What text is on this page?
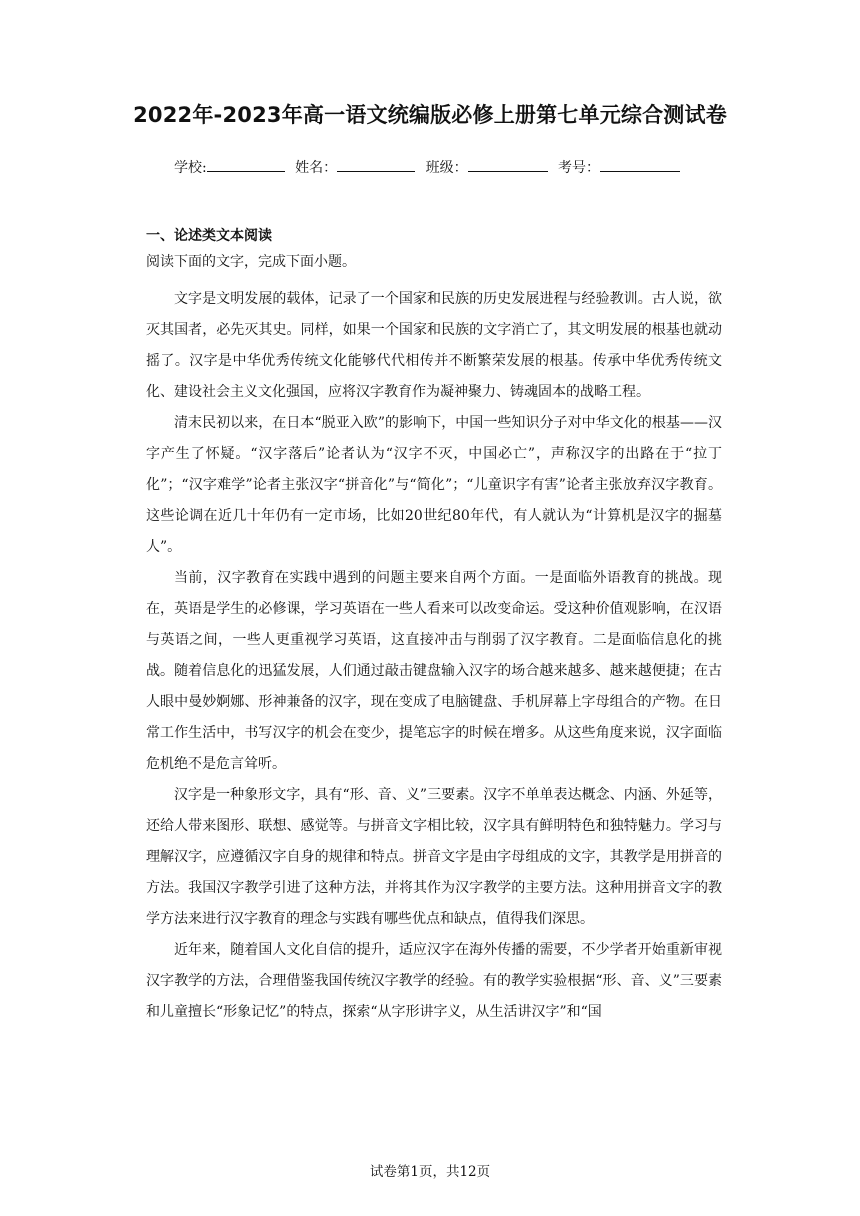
2022年-2023年高一语文统编版必修上册第七单元综合测试卷
学校:	姓名：	班级：	考号：
一、论述类文本阅读
阅读下面的文字，完成下面小题。

文字是文明发展的载体，记录了一个国家和民族的历史发展进程与经验教训。古人说，欲灭其国者，必先灭其史。同样，如果一个国家和民族的文字消亡了，其文明发展的根基也就动摇了。汉字是中华优秀传统文化能够代代相传并不断繁荣发展的根基。传承中华优秀传统文化、建设社会主义文化强国，应将汉字教育作为凝神聚力、铸魂固本的战略工程。

清末民初以来，在日本“脱亚入欧”的影响下，中国一些知识分子对中华文化的根基——汉字产生了怀疑。“汉字落后”论者认为“汉字不灭，中国必亡”，声称汉字的出路在于“拉丁化”；“汉字难学”论者主张汉字“拼音化”与“简化”；“儿童识字有害”论者主张放弃汉字教育。这些论调在近几十年仍有一定市场，比如20世纪80年代，有人就认为“计算机是汉字的掘墓人”。

当前，汉字教育在实践中遇到的问题主要来自两个方面。一是面临外语教育的挑战。现在，英语是学生的必修课，学习英语在一些人看来可以改变命运。受这种价值观影响，在汉语与英语之间，一些人更重视学习英语，这直接冲击与削弱了汉字教育。二是面临信息化的挑战。随着信息化的迅猛发展，人们通过敲击键盘输入汉字的场合越来越多、越来越便捷；在古人眼中曼妙婀娜、形神兼备的汉字，现在变成了电脑键盘、手机屏幕上字母组合的产物。在日常工作生活中，书写汉字的机会在变少，提笔忘字的时候在增多。从这些角度来说，汉字面临危机绝不是危言耸听。

汉字是一种象形文字，具有“形、音、义”三要素。汉字不单单表达概念、内涵、外延等，还给人带来图形、联想、感觉等。与拼音文字相比较，汉字具有鲜明特色和独特魅力。学习与理解汉字，应遵循汉字自身的规律和特点。拼音文字是由字母组成的文字，其教学是用拼音的方法。我国汉字教学引进了这种方法，并将其作为汉字教学的主要方法。这种用拼音文字的教学方法来进行汉字教育的理念与实践有哪些优点和缺点，值得我们深思。

近年来，随着国人文化自信的提升，适应汉字在海外传播的需要，不少学者开始重新审视汉字教学的方法，合理借鉴我国传统汉字教学的经验。有的教学实验根据“形、音、义”三要素和儿童擅长“形象记忆”的特点，探索“从字形讲字义，从生活讲汉字”和“国

试卷第1页，共12页
